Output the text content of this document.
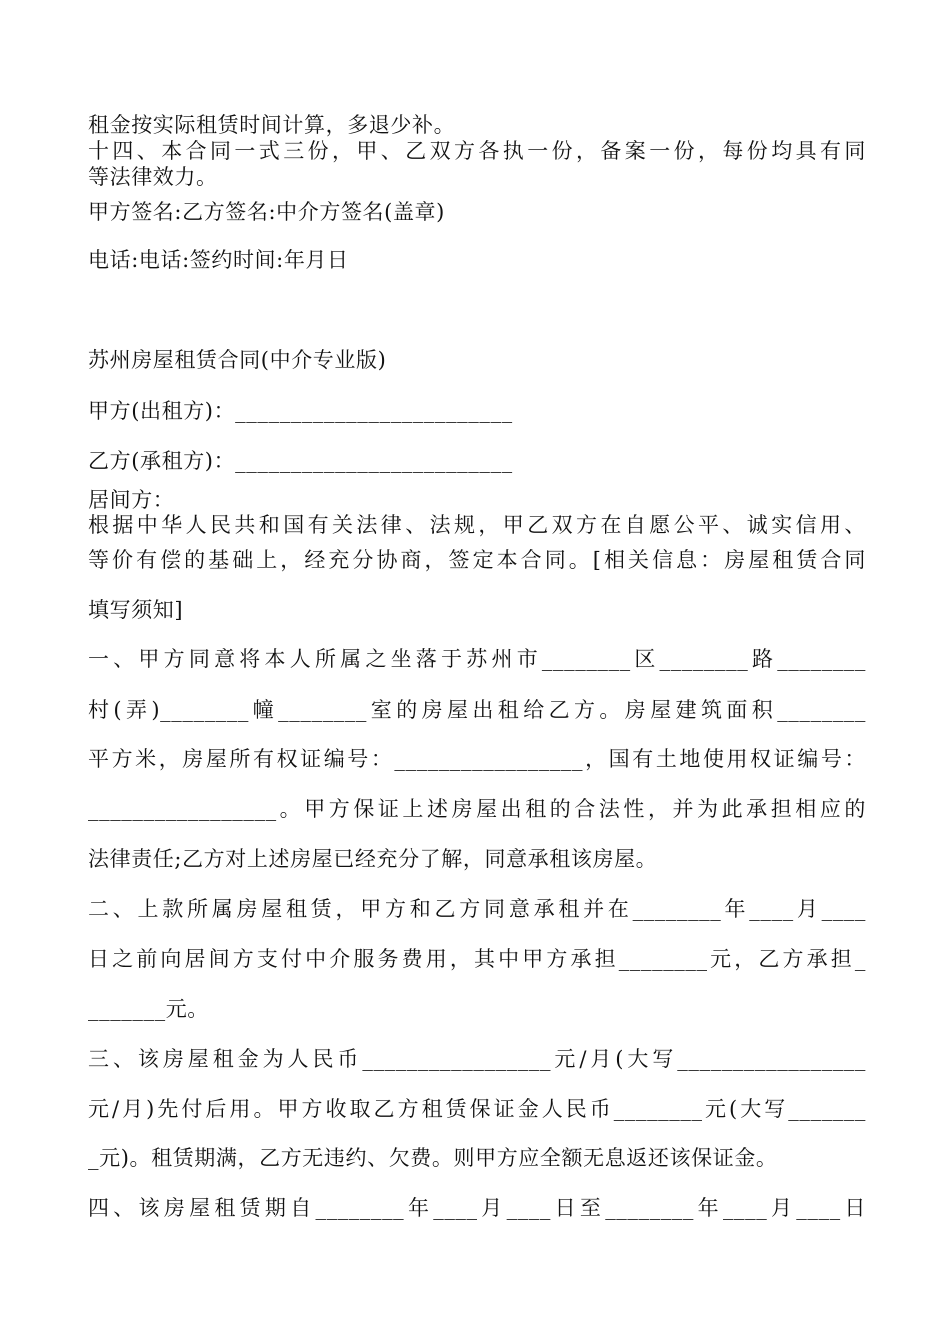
租金按实际租赁时间计算，多退少补。
十四、本合同一式三份，甲、乙双方各执一份，备案一份，每份均具有同
等法律效力。
甲方签名:乙方签名:中介方签名(盖章)
电话:电话:签约时间:年月日
苏州房屋租赁合同(中介专业版)
甲方(出租方)：_________________________
乙方(承租方)：_________________________
居间方：
根据中华人民共和国有关法律、法规，甲乙双方在自愿公平、诚实信用、
等价有偿的基础上，经充分协商，签定本合同。[相关信息：房屋租赁合同
填写须知]
一、甲方同意将本人所属之坐落于苏州市________区________路________
村(弄)________幢________室的房屋出租给乙方。房屋建筑面积________
平方米，房屋所有权证编号：_________________，国有土地使用权证编号：
_________________。甲方保证上述房屋出租的合法性，并为此承担相应的
法律责任;乙方对上述房屋已经充分了解，同意承租该房屋。
二、上款所属房屋租赁，甲方和乙方同意承租并在________年____月____
日之前向居间方支付中介服务费用，其中甲方承担________元，乙方承担_
_______元。
三、该房屋租金为人民币_________________元/月(大写_________________
元/月)先付后用。甲方收取乙方租赁保证金人民币________元(大写_______
_元)。租赁期满，乙方无违约、欠费。则甲方应全额无息返还该保证金。
四、该房屋租赁期自________年____月____日至________年____月____日
